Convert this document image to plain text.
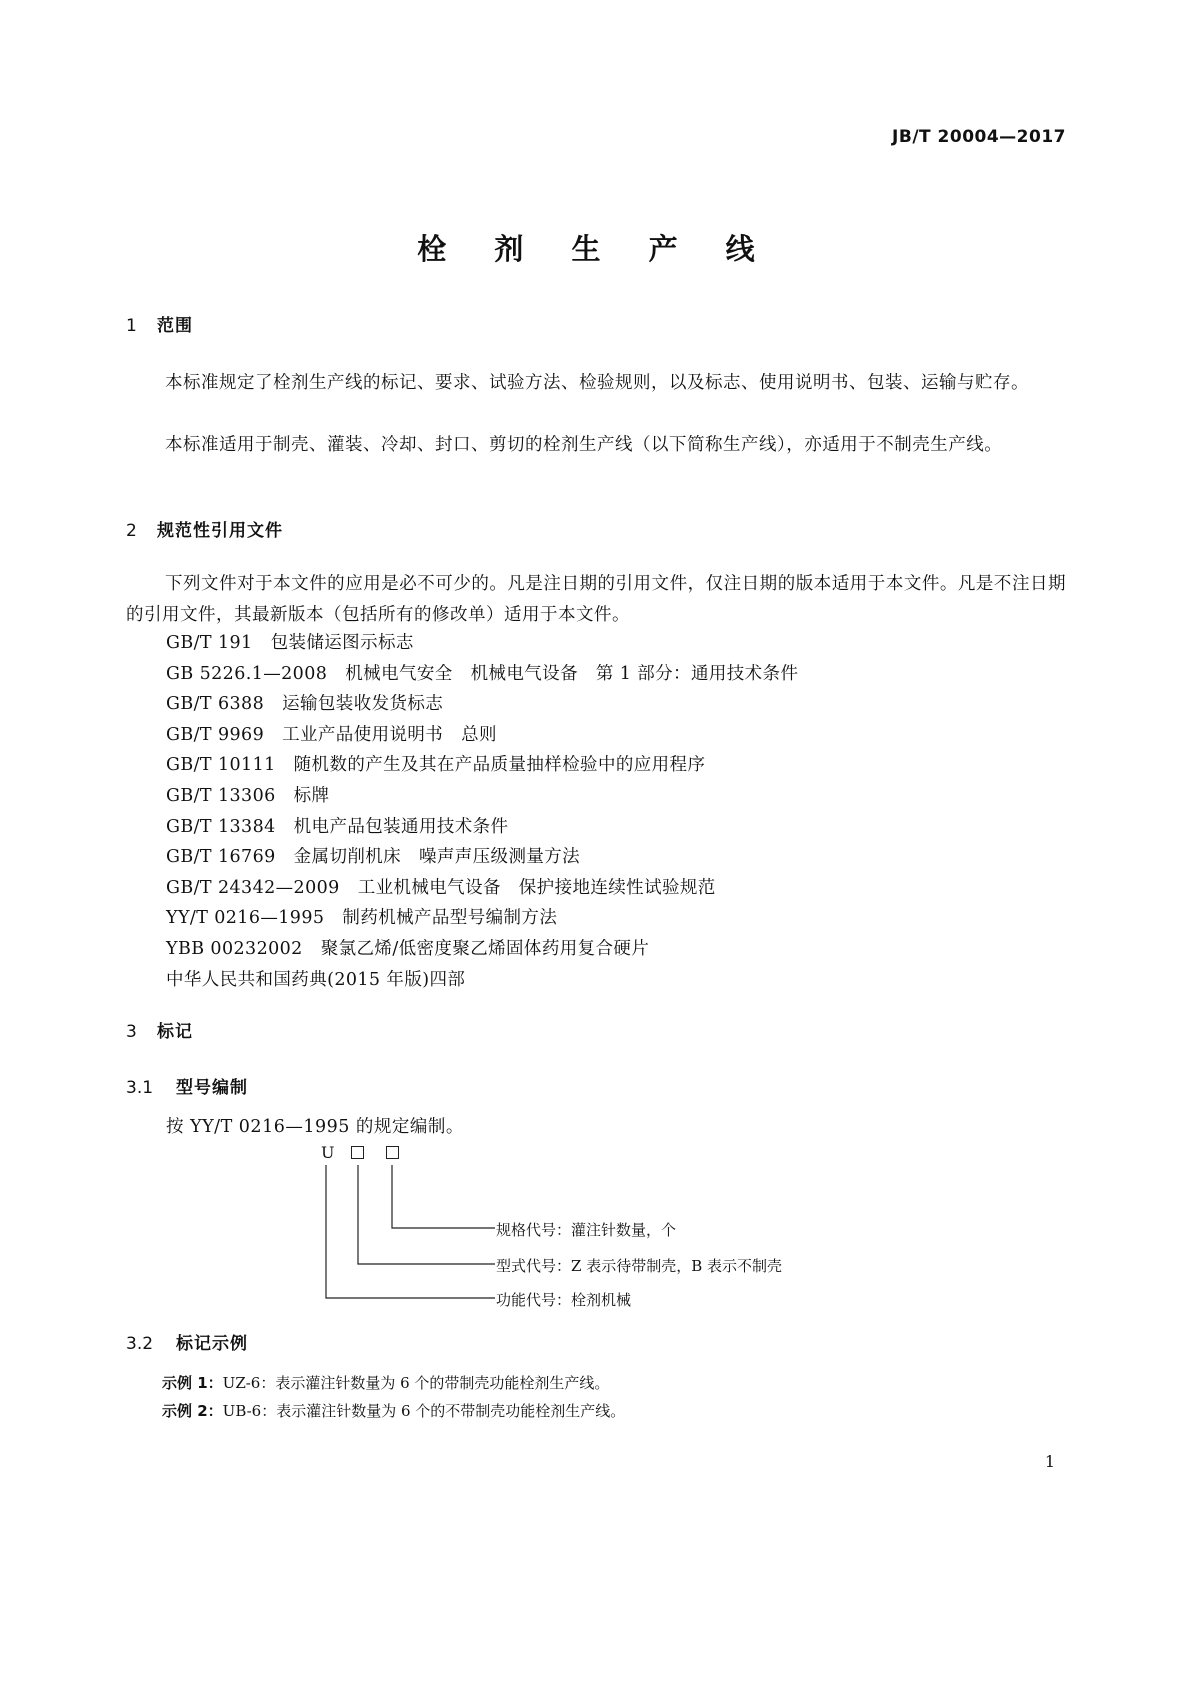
JB/T 20004—2017

栓 剂 生 产 线
1 范围

本标准规定了栓剂生产线的标记、要求、试验方法、检验规则，以及标志、使用说明书、包装、运输与贮存。

本标准适用于制壳、灌装、冷却、封口、剪切的栓剂生产线（以下简称生产线），亦适用于不制壳生产线。

2 规范性引用文件

下列文件对于本文件的应用是必不可少的。凡是注日期的引用文件，仅注日期的版本适用于本文件。凡是不注日期的引用文件，其最新版本（包括所有的修改单）适用于本文件。

GB/T 191 包装储运图示标志
GB 5226.1—2008 机械电气安全　机械电气设备　第 1 部分：通用技术条件
GB/T 6388 运输包装收发货标志
GB/T 9969 工业产品使用说明书　总则
GB/T 10111 随机数的产生及其在产品质量抽样检验中的应用程序
GB/T 13306 标牌
GB/T 13384 机电产品包装通用技术条件
GB/T 16769 金属切削机床　噪声声压级测量方法
GB/T 24342—2009 工业机械电气设备　保护接地连续性试验规范
YY/T 0216—1995 制药机械产品型号编制方法
YBB 00232002 聚氯乙烯/低密度聚乙烯固体药用复合硬片
中华人民共和国药典(2015 年版)四部
3 标记
3.1 型号编制

按 YY/T 0216—1995 的规定编制。

U
规格代号：灌注针数量，个
型式代号：Z 表示待带制壳，B 表示不制壳
功能代号：栓剂机械
3.2 标记示例

示例 1：UZ-6：表示灌注针数量为 6 个的带制壳功能栓剂生产线。

示例 2：UB-6：表示灌注针数量为 6 个的不带制壳功能栓剂生产线。

1
